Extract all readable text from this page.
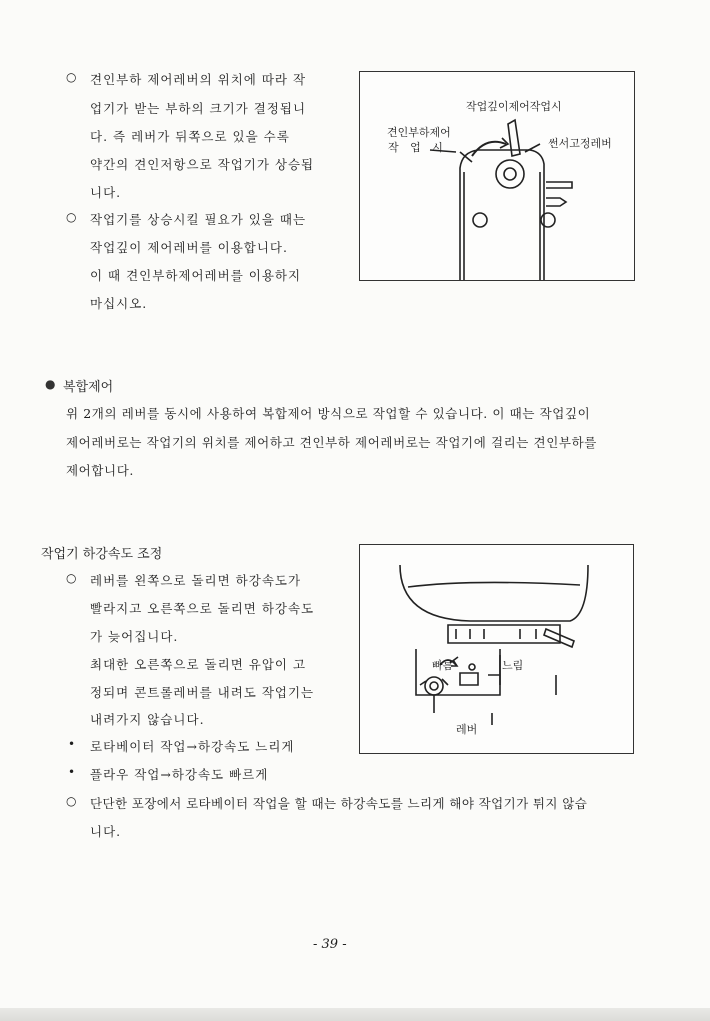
○ 견인부하 제어레버의 위치에 따라 작
업기가 받는 부하의 크기가 결정됩니
다. 즉 레버가 뒤쪽으로 있을 수록
약간의 견인저항으로 작업기가 상승됩
니다.
○ 작업기를 상승시킬 필요가 있을 때는
작업깊이 제어레버를 이용합니다.
이 때 견인부하제어레버를 이용하지
마십시오.
작업깊이제어작업시
견인부하제어
작 업 시	썬서고정레버
● 복합제어
위 2개의 레버를 동시에 사용하여 복합제어 방식으로 작업할 수 있습니다. 이 때는 작업깊이
제어레버로는 작업기의 위치를 제어하고 견인부하 제어레버로는 작업기에 걸리는 견인부하를
제어합니다.
작업기 하강속도 조정
○ 레버를 왼쪽으로 돌리면 하강속도가
빨라지고 오른쪽으로 돌리면 하강속도
가 늦어집니다.
최대한 오른쪽으로 돌리면 유압이 고
정되며 콘트롤레버를 내려도 작업기는
내려가지 않습니다.
• 로타베이터 작업→하강속도 느리게
• 플라우 작업→하강속도 빠르게
○ 단단한 포장에서 로타베이터 작업을 할 때는 하강속도를 느리게 해야 작업기가 튀지 않습
니다.
빠름	느림
레버
- 39 -
